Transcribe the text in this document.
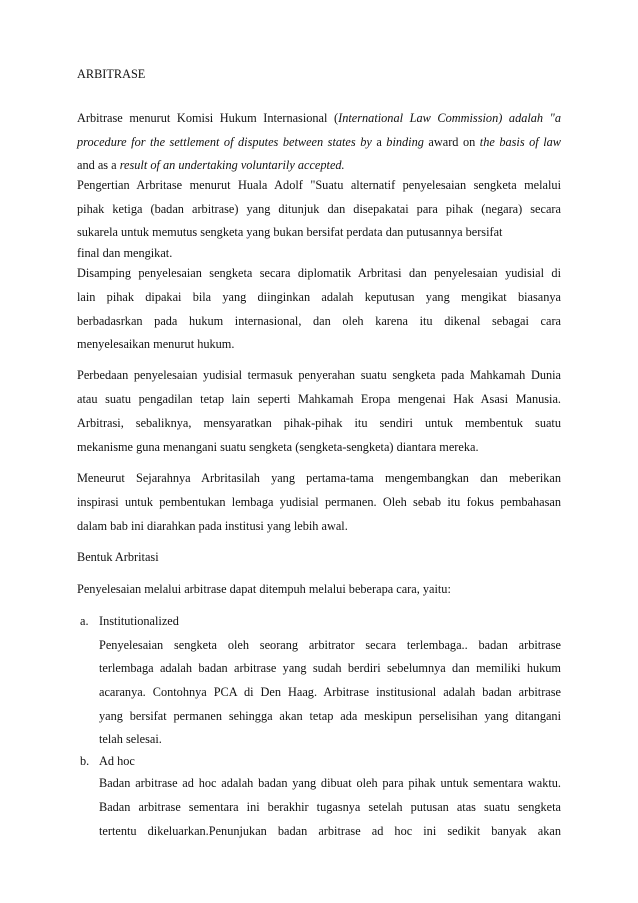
ARBITRASE
Arbitrase menurut Komisi Hukum Internasional (International Law Commission) adalah "a
procedure for the settlement of disputes between states by a binding award on the basis of law
and as a result of an undertaking voluntarily accepted.
Pengertian Arbritase menurut Huala Adolf "Suatu alternatif penyelesaian sengketa melalui
pihak ketiga (badan arbitrase) yang ditunjuk dan disepakatai para pihak (negara) secara
sukarela untuk memutus sengketa yang bukan bersifat perdata dan putusannya bersifat
final dan mengikat.
Disamping penyelesaian sengketa secara diplomatik Arbritasi dan penyelesaian yudisial di
lain pihak dipakai bila yang diinginkan adalah keputusan yang mengikat biasanya
berbadasrkan pada hukum internasional, dan oleh karena itu dikenal sebagai cara
menyelesaikan menurut hukum.
Perbedaan penyelesaian yudisial termasuk penyerahan suatu sengketa pada Mahkamah Dunia
atau suatu pengadilan tetap lain seperti Mahkamah Eropa mengenai Hak Asasi Manusia.
Arbitrasi, sebaliknya, mensyaratkan pihak-pihak itu sendiri untuk membentuk suatu
mekanisme guna menangani suatu sengketa (sengketa-sengketa) diantara mereka.
Meneurut Sejarahnya Arbritasilah yang pertama-tama mengembangkan dan meberikan
inspirasi untuk pembentukan lembaga yudisial permanen. Oleh sebab itu fokus pembahasan
dalam bab ini diarahkan pada institusi yang lebih awal.
Bentuk Arbritasi
Penyelesaian melalui arbitrase dapat ditempuh melalui beberapa cara, yaitu:
a. Institutionalized
Penyelesaian sengketa oleh seorang arbitrator secara terlembaga.. badan arbitrase
terlembaga adalah badan arbitrase yang sudah berdiri sebelumnya dan memiliki hukum
acaranya. Contohnya PCA di Den Haag. Arbitrase institusional adalah badan arbitrase
yang bersifat permanen sehingga akan tetap ada meskipun perselisihan yang ditangani
telah selesai.
b. Ad hoc
Badan arbitrase ad hoc adalah badan yang dibuat oleh para pihak untuk sementara waktu.
Badan arbitrase sementara ini berakhir tugasnya setelah putusan atas suatu sengketa
tertentu dikeluarkan.Penunjukan badan arbitrase ad hoc ini sedikit banyak akan
